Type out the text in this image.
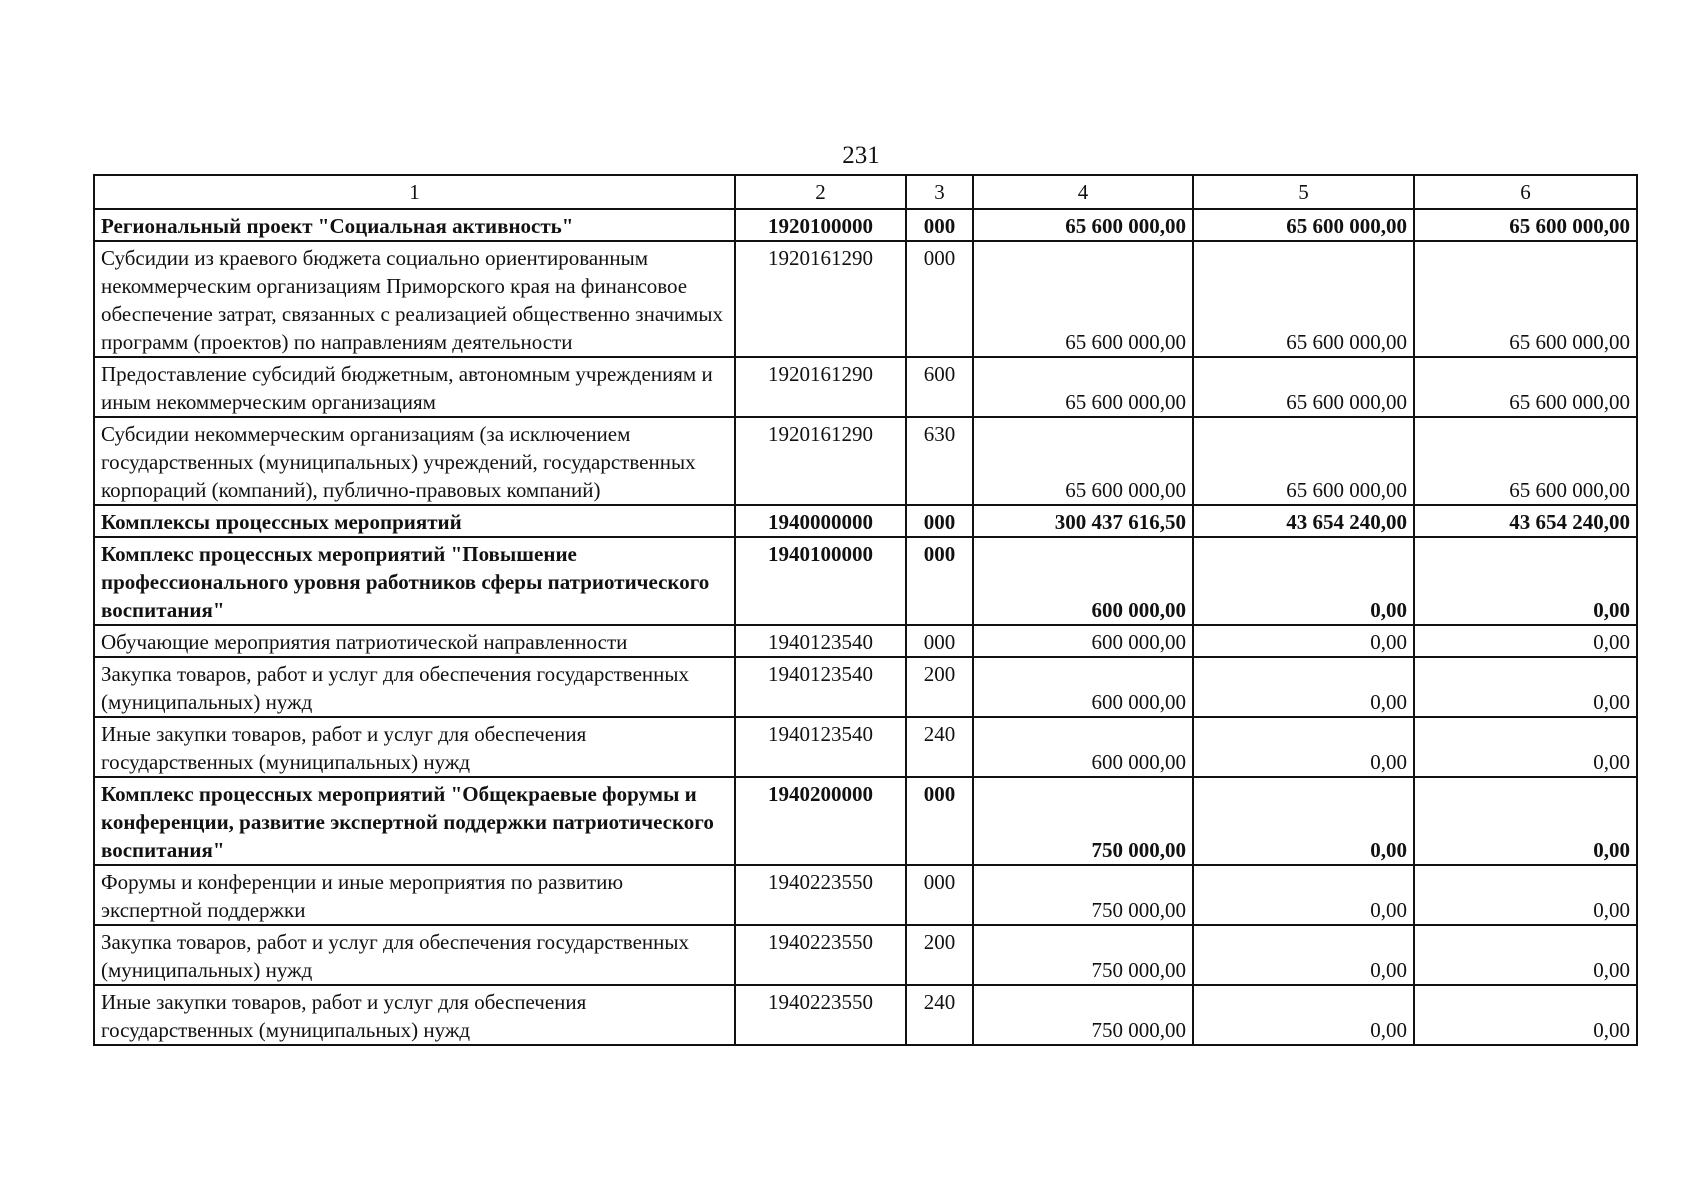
231
1	2	3	4	5	6
Региональный проект "Социальная активность"	1920100000	000	65 600 000,00	65 600 000,00	65 600 000,00
Субсидии из краевого бюджета социально ориентированным некоммерческим организациям Приморского края на финансовое обеспечение затрат, связанных с реализацией общественно значимых программ (проектов) по направлениям деятельности	1920161290	000	65 600 000,00	65 600 000,00	65 600 000,00
Предоставление субсидий бюджетным, автономным учреждениям и иным некоммерческим организациям	1920161290	600	65 600 000,00	65 600 000,00	65 600 000,00
Субсидии некоммерческим организациям (за исключением государственных (муниципальных) учреждений, государственных корпораций (компаний), публично-правовых компаний)	1920161290	630	65 600 000,00	65 600 000,00	65 600 000,00
Комплексы процессных мероприятий	1940000000	000	300 437 616,50	43 654 240,00	43 654 240,00
Комплекс процессных мероприятий "Повышение профессионального уровня работников сферы патриотического воспитания"	1940100000	000	600 000,00	0,00	0,00
Обучающие мероприятия патриотической направленности	1940123540	000	600 000,00	0,00	0,00
Закупка товаров, работ и услуг для обеспечения государственных (муниципальных) нужд	1940123540	200	600 000,00	0,00	0,00
Иные закупки товаров, работ и услуг для обеспечения государственных (муниципальных) нужд	1940123540	240	600 000,00	0,00	0,00
Комплекс процессных мероприятий "Общекраевые форумы и конференции, развитие экспертной поддержки патриотического воспитания"	1940200000	000	750 000,00	0,00	0,00
Форумы и конференции и иные мероприятия по развитию экспертной поддержки	1940223550	000	750 000,00	0,00	0,00
Закупка товаров, работ и услуг для обеспечения государственных (муниципальных) нужд	1940223550	200	750 000,00	0,00	0,00
Иные закупки товаров, работ и услуг для обеспечения государственных (муниципальных) нужд	1940223550	240	750 000,00	0,00	0,00
